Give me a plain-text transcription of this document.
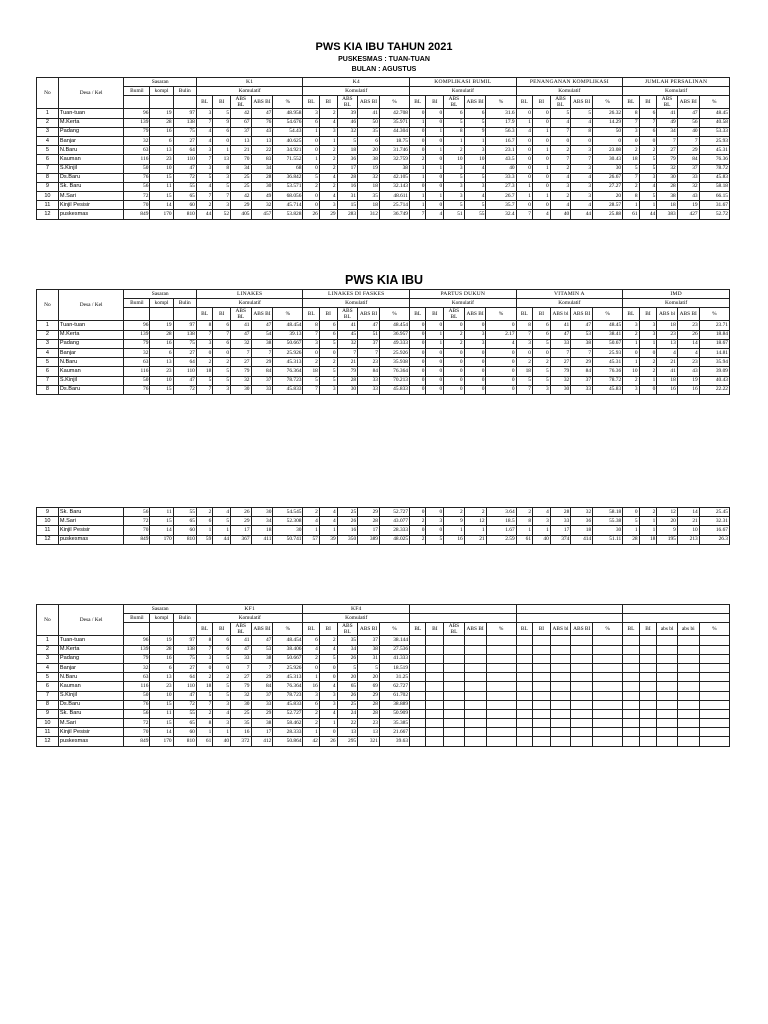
PWS KIA IBU TAHUN 2021
PUSKESMAS : TUAN-TUAN
BULAN : AGUSTUS
No	Desa / Kel	Sasaran			K1					K4					KOMPLIKASI BUMIL					PENANGANAN KOMPLIKASI					JUMLAH PERSALINAN				
		Bumil	kompl	Bulin	Komulatif					Komulatif					Komulatif					Komulatif					Komulatif				
					BL	BI	ABS BL	ABS BI	%	BL	BI	ABS BL	ABS BI	%	BL	BI	ABS BL	ABS BI	%	BL	BI	ABS BL	ABS BI	%	BL	BI	ABS BL	ABS BI	%

1	Tuan-tuan	96	19	97	3	5	42	47	48.958	3	2	39	41	42.708	0	0	6	6	31.6	0	0	5	5	26.32	8	6	41	47	48.45
2	M.Kerta	139	28	138	7	9	67	76	54.676	6	4	46	50	35.971	1	0	5	5	17.9	1	0	4	4	14.29	7	7	49	56	40.58
3	Padang	79	16	75	4	6	37	43	54.43	1	3	32	35	44.304	0	1	8	9	56.3	4	1	7	8	50	3	6	34	40	53.33
4	Banjar	32	6	27	4	0	13	13	40.625	0	1	5	6	18.75	0	0	1	1	16.7	0	0	0	0	0	0	0	7	7	25.93
5	N.Baru	63	13	64	3	1	21	22	34.921	0	2	18	20	31.746	0	1	2	3	23.1	0	1	2	3	23.08	2	2	27	29	45.31
6	Kauman	116	23	110	7	13	70	83	71.552	1	2	36	38	32.759	2	0	10	10	43.5	0	0	7	7	30.43	18	5	79	84	76.36
7	S.Kinjil	50	10	47	3	8	34	34	68	0	2	17	19	38	1	1	3	4	40	0	1	2	3	30	5	5	32	37	78.72
8	Ds.Baru	76	15	72	5	3	25	28	36.842	5	4	28	32	42.105	1	0	5	5	33.3	0	0	4	4	26.67	7	3	30	33	45.83
9	Sk. Baru	56	11	55	4	5	25	30	53.571	2	2	16	18	32.143	0	0	3	3	27.3	1	0	3	3	27.27	2	4	28	32	58.18
10	M.Sari	72	15	65	7	7	42	49	68.056	0	4	31	35	48.611	1	1	3	4	26.7	1	1	2	3	20	8	5	38	43	66.15
11	Kinjil Pesisir	70	14	60	2	3	29	32	45.714	0	3	15	18	25.714	1	0	5	5	35.7	0	0	4	4	28.57	1	1	18	19	31.67
12	puskesmas	849	170	810	44	52	405	457	53.828	26	29	283	312	36.749	7	4	51	55	32.4	7	4	40	44	25.88	61	44	383	427	52.72
PWS KIA IBU
No	Desa / Kel	Sasaran			LINAKES					LINAKES DI FASKES					PARTUS DUKUN					VITAMIN A					IMD				
		Bumil	kompl	Bulin	Komulatif					Komulatif					Komulatif					Komulatif					Komulatif				
					BL	BI	ABS BL	ABS BI	%	BL	BI	ABS BL	ABS BI	%	BL	BI	ABS BL	ABS BI	%	BL	BI	ABS bl	ABS BI	%	BL	BI	ABS bl	ABS BI	%

1	Tuan-tuan	96	19	97	8	6	41	47	48.454	8	6	41	47	48.454	0	0	0	0	0	8	6	41	47	48.45	3	3	18	23	23.71
2	M.Kerta	139	28	138	7	7	47	54	39.13	7	6	45	51	36.957	0	1	2	3	2.17	7	6	47	53	38.41	2	3	23	26	18.84
3	Padang	79	16	75	3	6	32	38	50.667	3	5	32	37	49.333	0	1	2	3	4	3	5	33	38	50.67	1	1	13	14	18.67
4	Banjar	32	6	27	0	0	7	7	25.926	0	0	7	7	25.926	0	0	0	0	0	0	0	7	7	25.93	0	0	4	4	14.81
5	N.Baru	63	13	64	2	2	27	29	45.313	2	2	21	23	35.938	0	0	0	0	0	2	2	27	29	45.31	1	2	21	23	35.94
6	Kauman	116	23	110	18	5	79	84	76.364	18	5	79	84	76.364	0	0	0	0	0	18	5	79	84	76.36	10	2	41	43	39.09
7	S.Kinjil	50	10	47	5	5	32	37	78.723	5	5	28	33	70.213	0	0	0	0	0	5	5	32	37	78.72	2	1	18	19	40.43
8	Ds.Baru	76	15	72	7	3	30	33	45.833	7	3	30	33	45.833	0	0	0	0	0	7	3	30	33	45.83	3	0	16	16	22.22
9	Sk. Baru	56	11	55	2	4	26	30	54.545	2	4	25	29	52.727	0	0	2	2	3.64	2	4	28	32	58.18	0	2	12	14	25.45
10	M.Sari	72	15	65	6	5	29	34	52.308	4	4	26	28	43.077	2	3	9	12	18.5	8	3	33	36	55.38	5	1	20	21	32.31
11	Kinjil Pesisir	70	14	60	1	1	17	18	30	1	1	16	17	28.333	0	0	1	1	1.67	1	1	17	18	30	1	1	9	10	16.67
12	puskesmas	849	170	810	59	44	367	411	50.741	57	39	350	389	48.025	2	5	16	21	2.59	61	40	374	414	51.11	28	18	195	213	26.3
No	Desa / Kel	Sasaran			KF1					KF4																			
		Bumil	kompl	Bulin	Komulatif					Komulatif																			
					BL	BI	ABS BL	ABS BI	%	BL	BI	ABS BL	ABS BI	%	BL	BI	ABS BL	ABS BI	%	BL	BI	ABS bl	ABS BI	%	BL	BI	abs bl	abs bi	%

1	Tuan-tuan	96	19	97	8	6	41	47	48.454	6	2	35	37	38.144															
2	M.Kerta	139	28	138	7	6	47	53	38.406	4	4	34	38	27.536															
3	Padang	79	16	75	3	5	33	38	50.667	2	5	26	31	41.333															
4	Banjar	32	6	27	0	0	7	7	25.926	0	0	5	5	18.519															
5	N.Baru	63	13	64	2	2	27	29	45.313	1	0	20	20	31.25															
6	Kauman	116	23	110	18	5	79	84	76.364	16	4	65	69	62.727															
7	S.Kinjil	50	10	47	5	5	32	37	78.723	3	3	26	29	61.702															
8	Ds.Baru	76	15	72	7	3	30	33	45.833	6	3	25	28	38.889															
9	Sk. Baru	56	11	55	2	4	25	29	52.727	2	4	24	28	50.909															
10	M.Sari	72	15	65	8	3	35	38	58.462	2	1	22	23	35.385															
11	Kinjil Pesisir	70	14	60	1	1	16	17	28.333	1	0	13	13	21.667															
12	puskesmas	849	170	810	61	40	372	412	50.864	42	26	295	321	39.63															
